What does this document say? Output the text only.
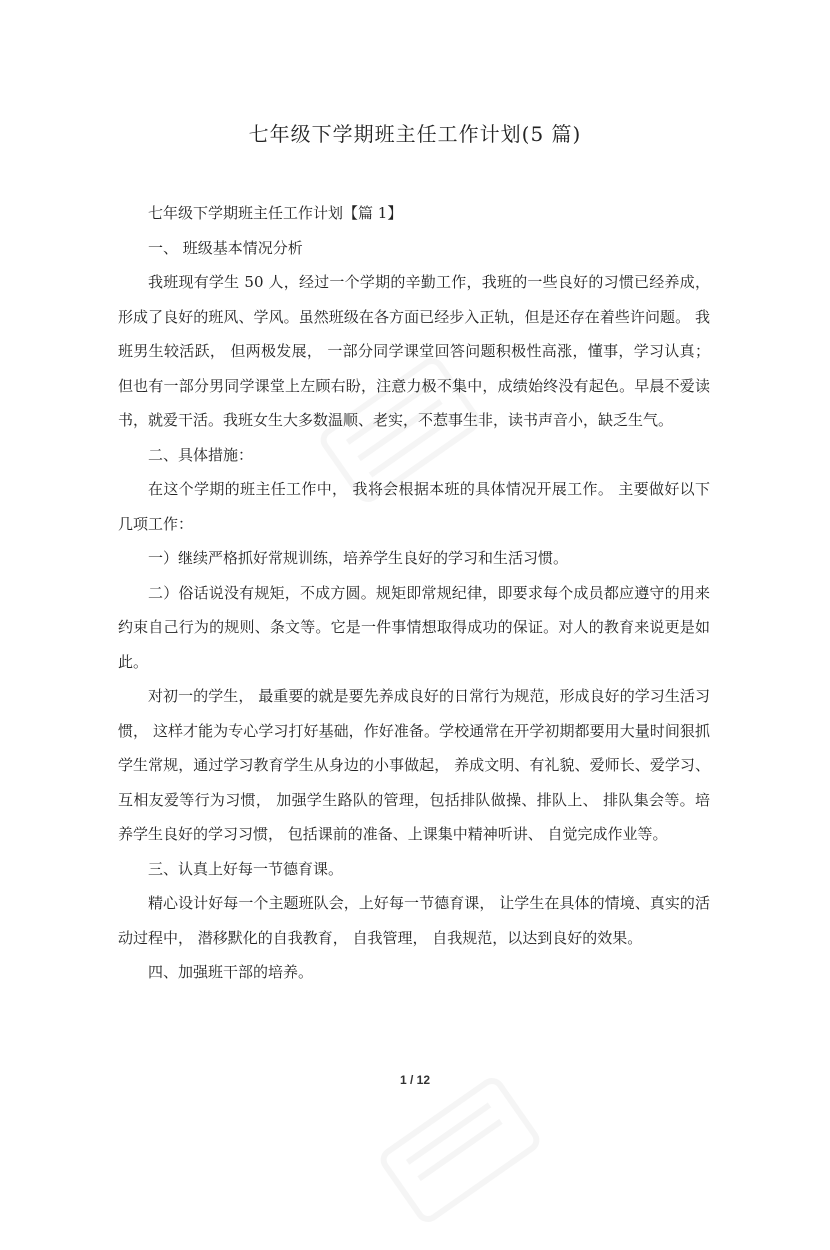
七年级下学期班主任工作计划(5 篇)

七年级下学期班主任工作计划【篇 1】

一、 班级基本情况分析

我班现有学生 50 人，经过一个学期的辛勤工作，我班的一些良好的习惯已经养成，形成了良好的班风、学风。虽然班级在各方面已经步入正轨，但是还存在着些许问题。 我班男生较活跃， 但两极发展， 一部分同学课堂回答问题积极性高涨，懂事，学习认真；但也有一部分男同学课堂上左顾右盼，注意力极不集中，成绩始终没有起色。早晨不爱读书，就爱干活。我班女生大多数温顺、老实，不惹事生非，读书声音小，缺乏生气。

二、具体措施：

在这个学期的班主任工作中， 我将会根据本班的具体情况开展工作。 主要做好以下几项工作：

一）继续严格抓好常规训练，培养学生良好的学习和生活习惯。

二）俗话说没有规矩，不成方圆。规矩即常规纪律，即要求每个成员都应遵守的用来约束自己行为的规则、条文等。它是一件事情想取得成功的保证。对人的教育来说更是如此。

对初一的学生， 最重要的就是要先养成良好的日常行为规范，形成良好的学习生活习惯， 这样才能为专心学习打好基础，作好准备。学校通常在开学初期都要用大量时间狠抓学生常规，通过学习教育学生从身边的小事做起， 养成文明、有礼貌、爱师长、爱学习、 互相友爱等行为习惯， 加强学生路队的管理，包括排队做操、排队上、 排队集会等。培养学生良好的学习习惯， 包括课前的准备、上课集中精神听讲、 自觉完成作业等。

三、认真上好每一节德育课。

精心设计好每一个主题班队会，上好每一节德育课， 让学生在具体的情境、真实的活动过程中， 潜移默化的自我教育， 自我管理， 自我规范，以达到良好的效果。

四、加强班干部的培养。

1 / 12
